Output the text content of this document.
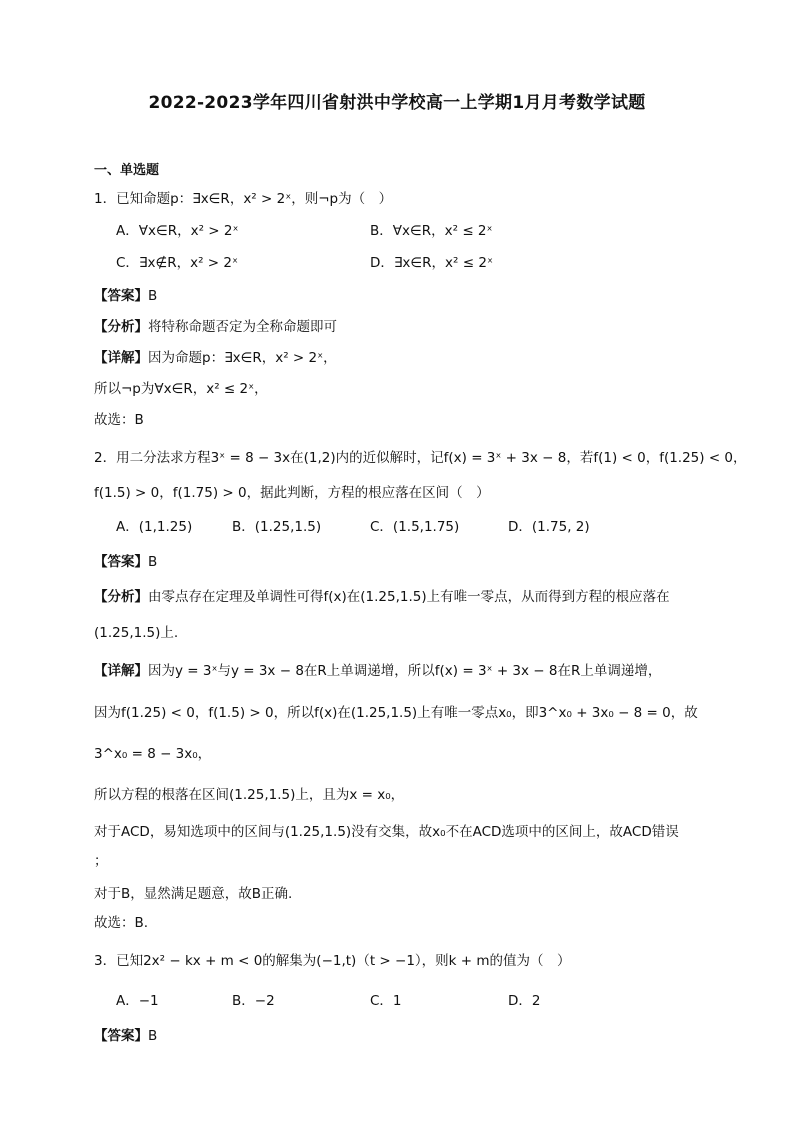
2022-2023学年四川省射洪中学校高一上学期1月月考数学试题
一、单选题
1．已知命题p：∃x∈R，x² > 2ˣ，则¬p为（　）
A．∀x∈R，x² > 2ˣ	B．∀x∈R，x² ≤ 2ˣ
C．∃x∉R，x² > 2ˣ	D．∃x∈R，x² ≤ 2ˣ
【答案】B
【分析】将特称命题否定为全称命题即可
【详解】因为命题p：∃x∈R，x² > 2ˣ，
所以¬p为∀x∈R，x² ≤ 2ˣ，
故选：B
2．用二分法求方程3ˣ = 8 − 3x在(1,2)内的近似解时，记f(x) = 3ˣ + 3x − 8，若f(1) < 0，f(1.25) < 0，
f(1.5) > 0，f(1.75) > 0，据此判断，方程的根应落在区间（　）
A．(1,1.25)	B．(1.25,1.5)	C．(1.5,1.75)	D．(1.75, 2)
【答案】B
【分析】由零点存在定理及单调性可得f(x)在(1.25,1.5)上有唯一零点，从而得到方程的根应落在
(1.25,1.5)上.
【详解】因为y = 3ˣ与y = 3x − 8在R上单调递增，所以f(x) = 3ˣ + 3x − 8在R上单调递增，
因为f(1.25) < 0，f(1.5) > 0，所以f(x)在(1.25,1.5)上有唯一零点x₀，即3^x₀ + 3x₀ − 8 = 0，故
3^x₀ = 8 − 3x₀，
所以方程的根落在区间(1.25,1.5)上，且为x = x₀，
对于ACD，易知选项中的区间与(1.25,1.5)没有交集，故x₀不在ACD选项中的区间上，故ACD错误
；
对于B，显然满足题意，故B正确.
故选：B.
3．已知2x² − kx + m < 0的解集为(−1,t)（t > −1），则k + m的值为（　）
A．−1	B．−2	C．1	D．2
【答案】B
